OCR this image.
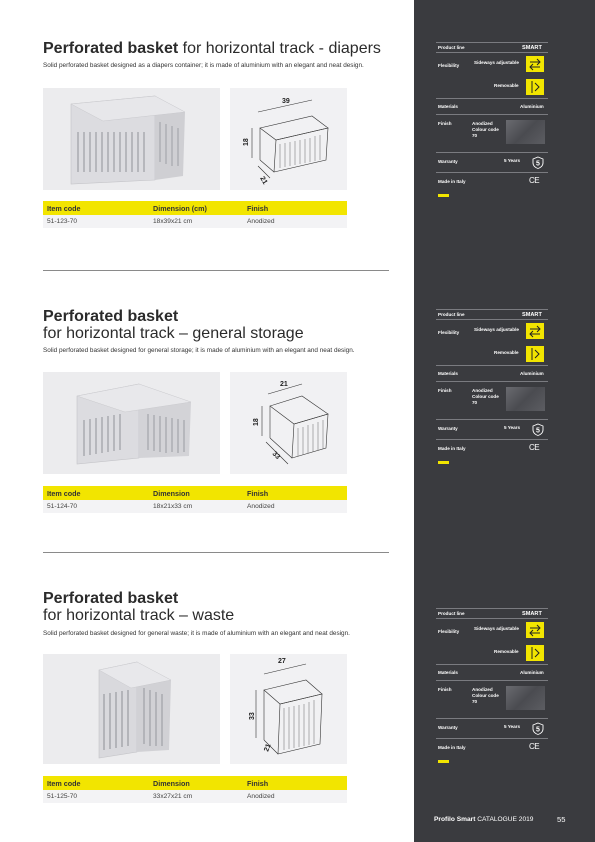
Perforated basket for horizontal track - diapers
Solid perforated basket designed as a diapers container; it is made of aluminium with an elegant and neat design.
39
18
21
Item code	Dimension (cm)	Finish
51-123-70	18x39x21 cm	Anodized
Perforated basket
for horizontal track – general storage
Solid perforated basket designed for general storage; it is made of aluminium with an elegant and neat design.
21
18
33
Item code	Dimension	Finish
51-124-70	18x21x33 cm	Anodized
Perforated basket
for horizontal track – waste
Solid perforated basket designed for general waste; it is made of aluminium with an elegant and neat design.
27
33
21
Item code	Dimension	Finish
51-125-70	33x27x21 cm	Anodized
Product line	SMART
Flexibility
Sideways adjustable
Removable
Materials	Aluminium
Finish	Anodized
Colour code
70
Warranty	5 Years 5
Made in Italy	CE
Product line	SMART
Flexibility
Sideways adjustable
Removable
Materials	Aluminium
Finish	Anodized
Colour code
70
Warranty	5 Years 5
Made in Italy	CE
Product line	SMART
Flexibility
Sideways adjustable
Removable
Materials	Aluminium
Finish	Anodized
Colour code
70
Warranty	5 Years 5
Made in Italy	CE
Profilo Smart CATALOGUE 2019	55
